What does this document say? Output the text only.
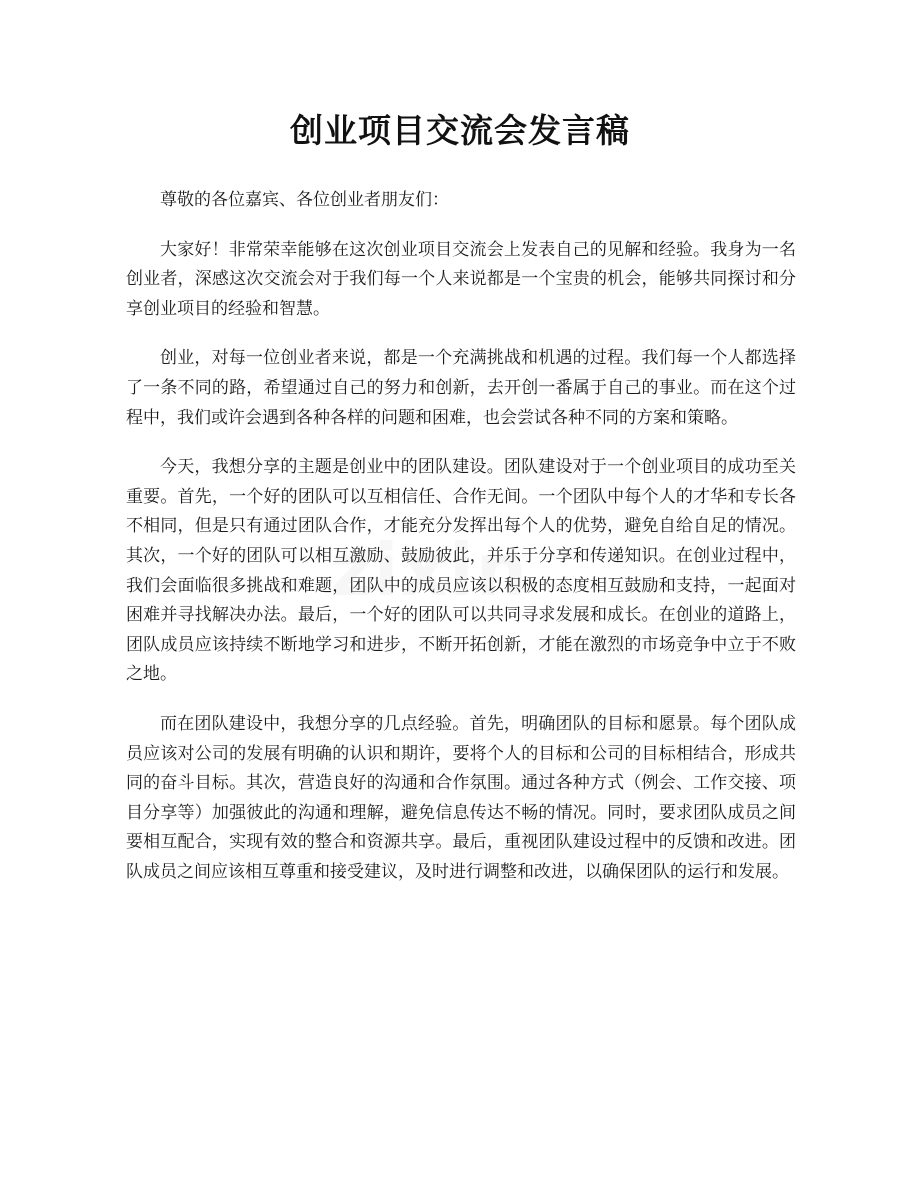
zixin
创业项目交流会发言稿

尊敬的各位嘉宾、各位创业者朋友们：

大家好！非常荣幸能够在这次创业项目交流会上发表自己的见解和经验。我身为一名创业者，深感这次交流会对于我们每一个人来说都是一个宝贵的机会，能够共同探讨和分享创业项目的经验和智慧。

创业，对每一位创业者来说，都是一个充满挑战和机遇的过程。我们每一个人都选择了一条不同的路，希望通过自己的努力和创新，去开创一番属于自己的事业。而在这个过程中，我们或许会遇到各种各样的问题和困难，也会尝试各种不同的方案和策略。

今天，我想分享的主题是创业中的团队建设。团队建设对于一个创业项目的成功至关重要。首先，一个好的团队可以互相信任、合作无间。一个团队中每个人的才华和专长各不相同，但是只有通过团队合作，才能充分发挥出每个人的优势，避免自给自足的情况。其次，一个好的团队可以相互激励、鼓励彼此，并乐于分享和传递知识。在创业过程中，我们会面临很多挑战和难题，团队中的成员应该以积极的态度相互鼓励和支持，一起面对困难并寻找解决办法。最后，一个好的团队可以共同寻求发展和成长。在创业的道路上，团队成员应该持续不断地学习和进步，不断开拓创新，才能在激烈的市场竞争中立于不败之地。

而在团队建设中，我想分享的几点经验。首先，明确团队的目标和愿景。每个团队成员应该对公司的发展有明确的认识和期许，要将个人的目标和公司的目标相结合，形成共同的奋斗目标。其次，营造良好的沟通和合作氛围。通过各种方式（例会、工作交接、项目分享等）加强彼此的沟通和理解，避免信息传达不畅的情况。同时，要求团队成员之间要相互配合，实现有效的整合和资源共享。最后，重视团队建设过程中的反馈和改进。团队成员之间应该相互尊重和接受建议，及时进行调整和改进，以确保团队的运行和发展。
